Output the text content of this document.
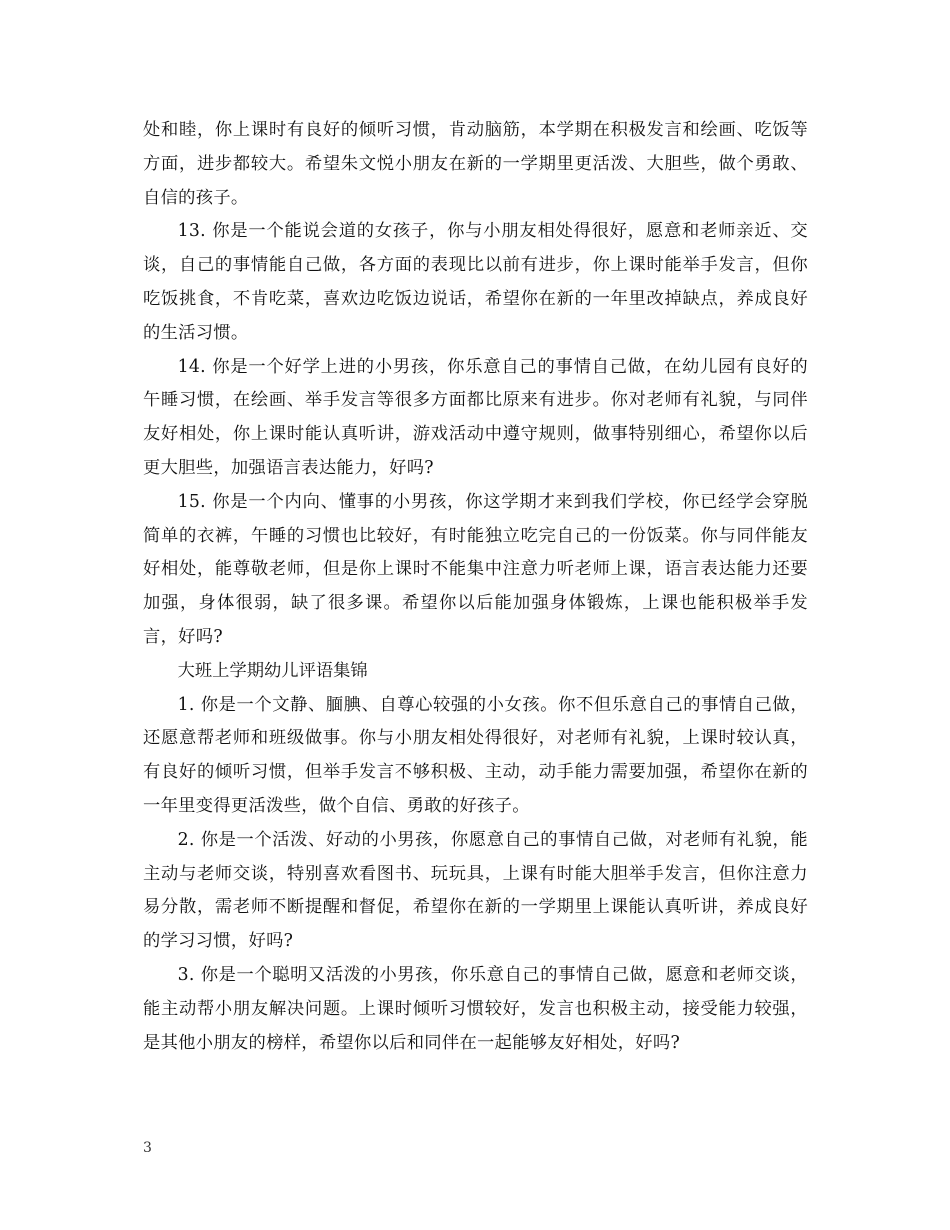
处和睦，你上课时有良好的倾听习惯，肯动脑筋，本学期在积极发言和绘画、吃饭等方面，进步都较大。希望朱文悦小朋友在新的一学期里更活泼、大胆些，做个勇敢、自信的孩子。

13. 你是一个能说会道的女孩子，你与小朋友相处得很好，愿意和老师亲近、交谈，自己的事情能自己做，各方面的表现比以前有进步，你上课时能举手发言，但你吃饭挑食，不肯吃菜，喜欢边吃饭边说话，希望你在新的一年里改掉缺点，养成良好的生活习惯。

14. 你是一个好学上进的小男孩，你乐意自己的事情自己做，在幼儿园有良好的午睡习惯，在绘画、举手发言等很多方面都比原来有进步。你对老师有礼貌，与同伴友好相处，你上课时能认真听讲，游戏活动中遵守规则，做事特别细心，希望你以后更大胆些，加强语言表达能力，好吗?

15. 你是一个内向、懂事的小男孩，你这学期才来到我们学校，你已经学会穿脱简单的衣裤，午睡的习惯也比较好，有时能独立吃完自己的一份饭菜。你与同伴能友好相处，能尊敬老师，但是你上课时不能集中注意力听老师上课，语言表达能力还要加强，身体很弱，缺了很多课。希望你以后能加强身体锻炼，上课也能积极举手发言，好吗?

大班上学期幼儿评语集锦

1. 你是一个文静、腼腆、自尊心较强的小女孩。你不但乐意自己的事情自己做，还愿意帮老师和班级做事。你与小朋友相处得很好，对老师有礼貌，上课时较认真，有良好的倾听习惯，但举手发言不够积极、主动，动手能力需要加强，希望你在新的一年里变得更活泼些，做个自信、勇敢的好孩子。

2. 你是一个活泼、好动的小男孩，你愿意自己的事情自己做，对老师有礼貌，能主动与老师交谈，特别喜欢看图书、玩玩具，上课有时能大胆举手发言，但你注意力易分散，需老师不断提醒和督促，希望你在新的一学期里上课能认真听讲，养成良好的学习习惯，好吗?

3. 你是一个聪明又活泼的小男孩，你乐意自己的事情自己做，愿意和老师交谈，能主动帮小朋友解决问题。上课时倾听习惯较好，发言也积极主动，接受能力较强，是其他小朋友的榜样，希望你以后和同伴在一起能够友好相处，好吗?

3
